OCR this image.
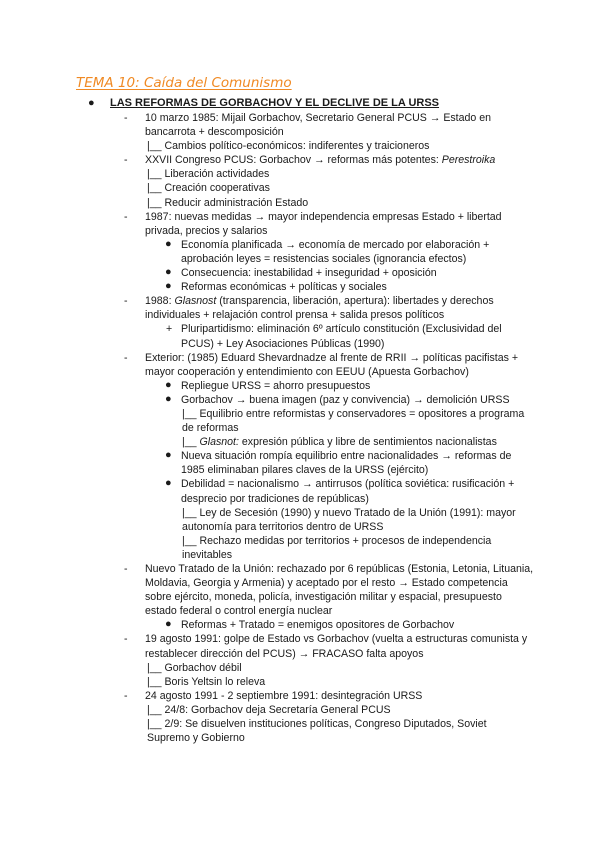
TEMA 10: Caída del Comunismo
● LAS REFORMAS DE GORBACHOV Y EL DECLIVE DE LA URSS
- 10 marzo 1985: Mijail Gorbachov, Secretario General PCUS → Estado en bancarrota + descomposición
|__ Cambios político-económicos: indiferentes y traicioneros
- XXVII Congreso PCUS: Gorbachov → reformas más potentes: Perestroika
|__ Liberación actividades
|__ Creación cooperativas
|__ Reducir administración Estado
- 1987: nuevas medidas → mayor independencia empresas Estado + libertad privada, precios y salarios
● Economía planificada → economía de mercado por elaboración + aprobación leyes = resistencias sociales (ignorancia efectos)
● Consecuencia: inestabilidad + inseguridad + oposición
● Reformas económicas + políticas y sociales
- 1988: Glasnost (transparencia, liberación, apertura): libertades y derechos individuales + relajación control prensa + salida presos políticos
+ Pluripartidismo: eliminación 6º artículo constitución (Exclusividad del PCUS) + Ley Asociaciones Públicas (1990)
- Exterior: (1985) Eduard Shevardnadze al frente de RRII → políticas pacifistas + mayor cooperación y entendimiento con EEUU (Apuesta Gorbachov)
● Repliegue URSS = ahorro presupuestos
● Gorbachov → buena imagen (paz y convivencia) → demolición URSS
|__ Equilibrio entre reformistas y conservadores = opositores a programa de reformas
|__ Glasnot: expresión pública y libre de sentimientos nacionalistas
● Nueva situación rompía equilibrio entre nacionalidades → reformas de 1985 eliminaban pilares claves de la URSS (ejército)
● Debilidad = nacionalismo → antirrusos (política soviética: rusificación + desprecio por tradiciones de repúblicas)
|__ Ley de Secesión (1990) y nuevo Tratado de la Unión (1991): mayor autonomía para territorios dentro de URSS
|__ Rechazo medidas por territorios + procesos de independencia inevitables
- Nuevo Tratado de la Unión: rechazado por 6 repúblicas (Estonia, Letonia, Lituania, Moldavia, Georgia y Armenia) y aceptado por el resto → Estado competencia sobre ejército, moneda, policía, investigación militar y espacial, presupuesto estado federal o control energía nuclear
● Reformas + Tratado = enemigos opositores de Gorbachov
- 19 agosto 1991: golpe de Estado vs Gorbachov (vuelta a estructuras comunista y restablecer dirección del PCUS) → FRACASO falta apoyos
|__ Gorbachov débil
|__ Boris Yeltsin lo releva
- 24 agosto 1991 - 2 septiembre 1991: desintegración URSS
|__ 24/8: Gorbachov deja Secretaría General PCUS
|__ 2/9: Se disuelven instituciones políticas, Congreso Diputados, Soviet Supremo y Gobierno
